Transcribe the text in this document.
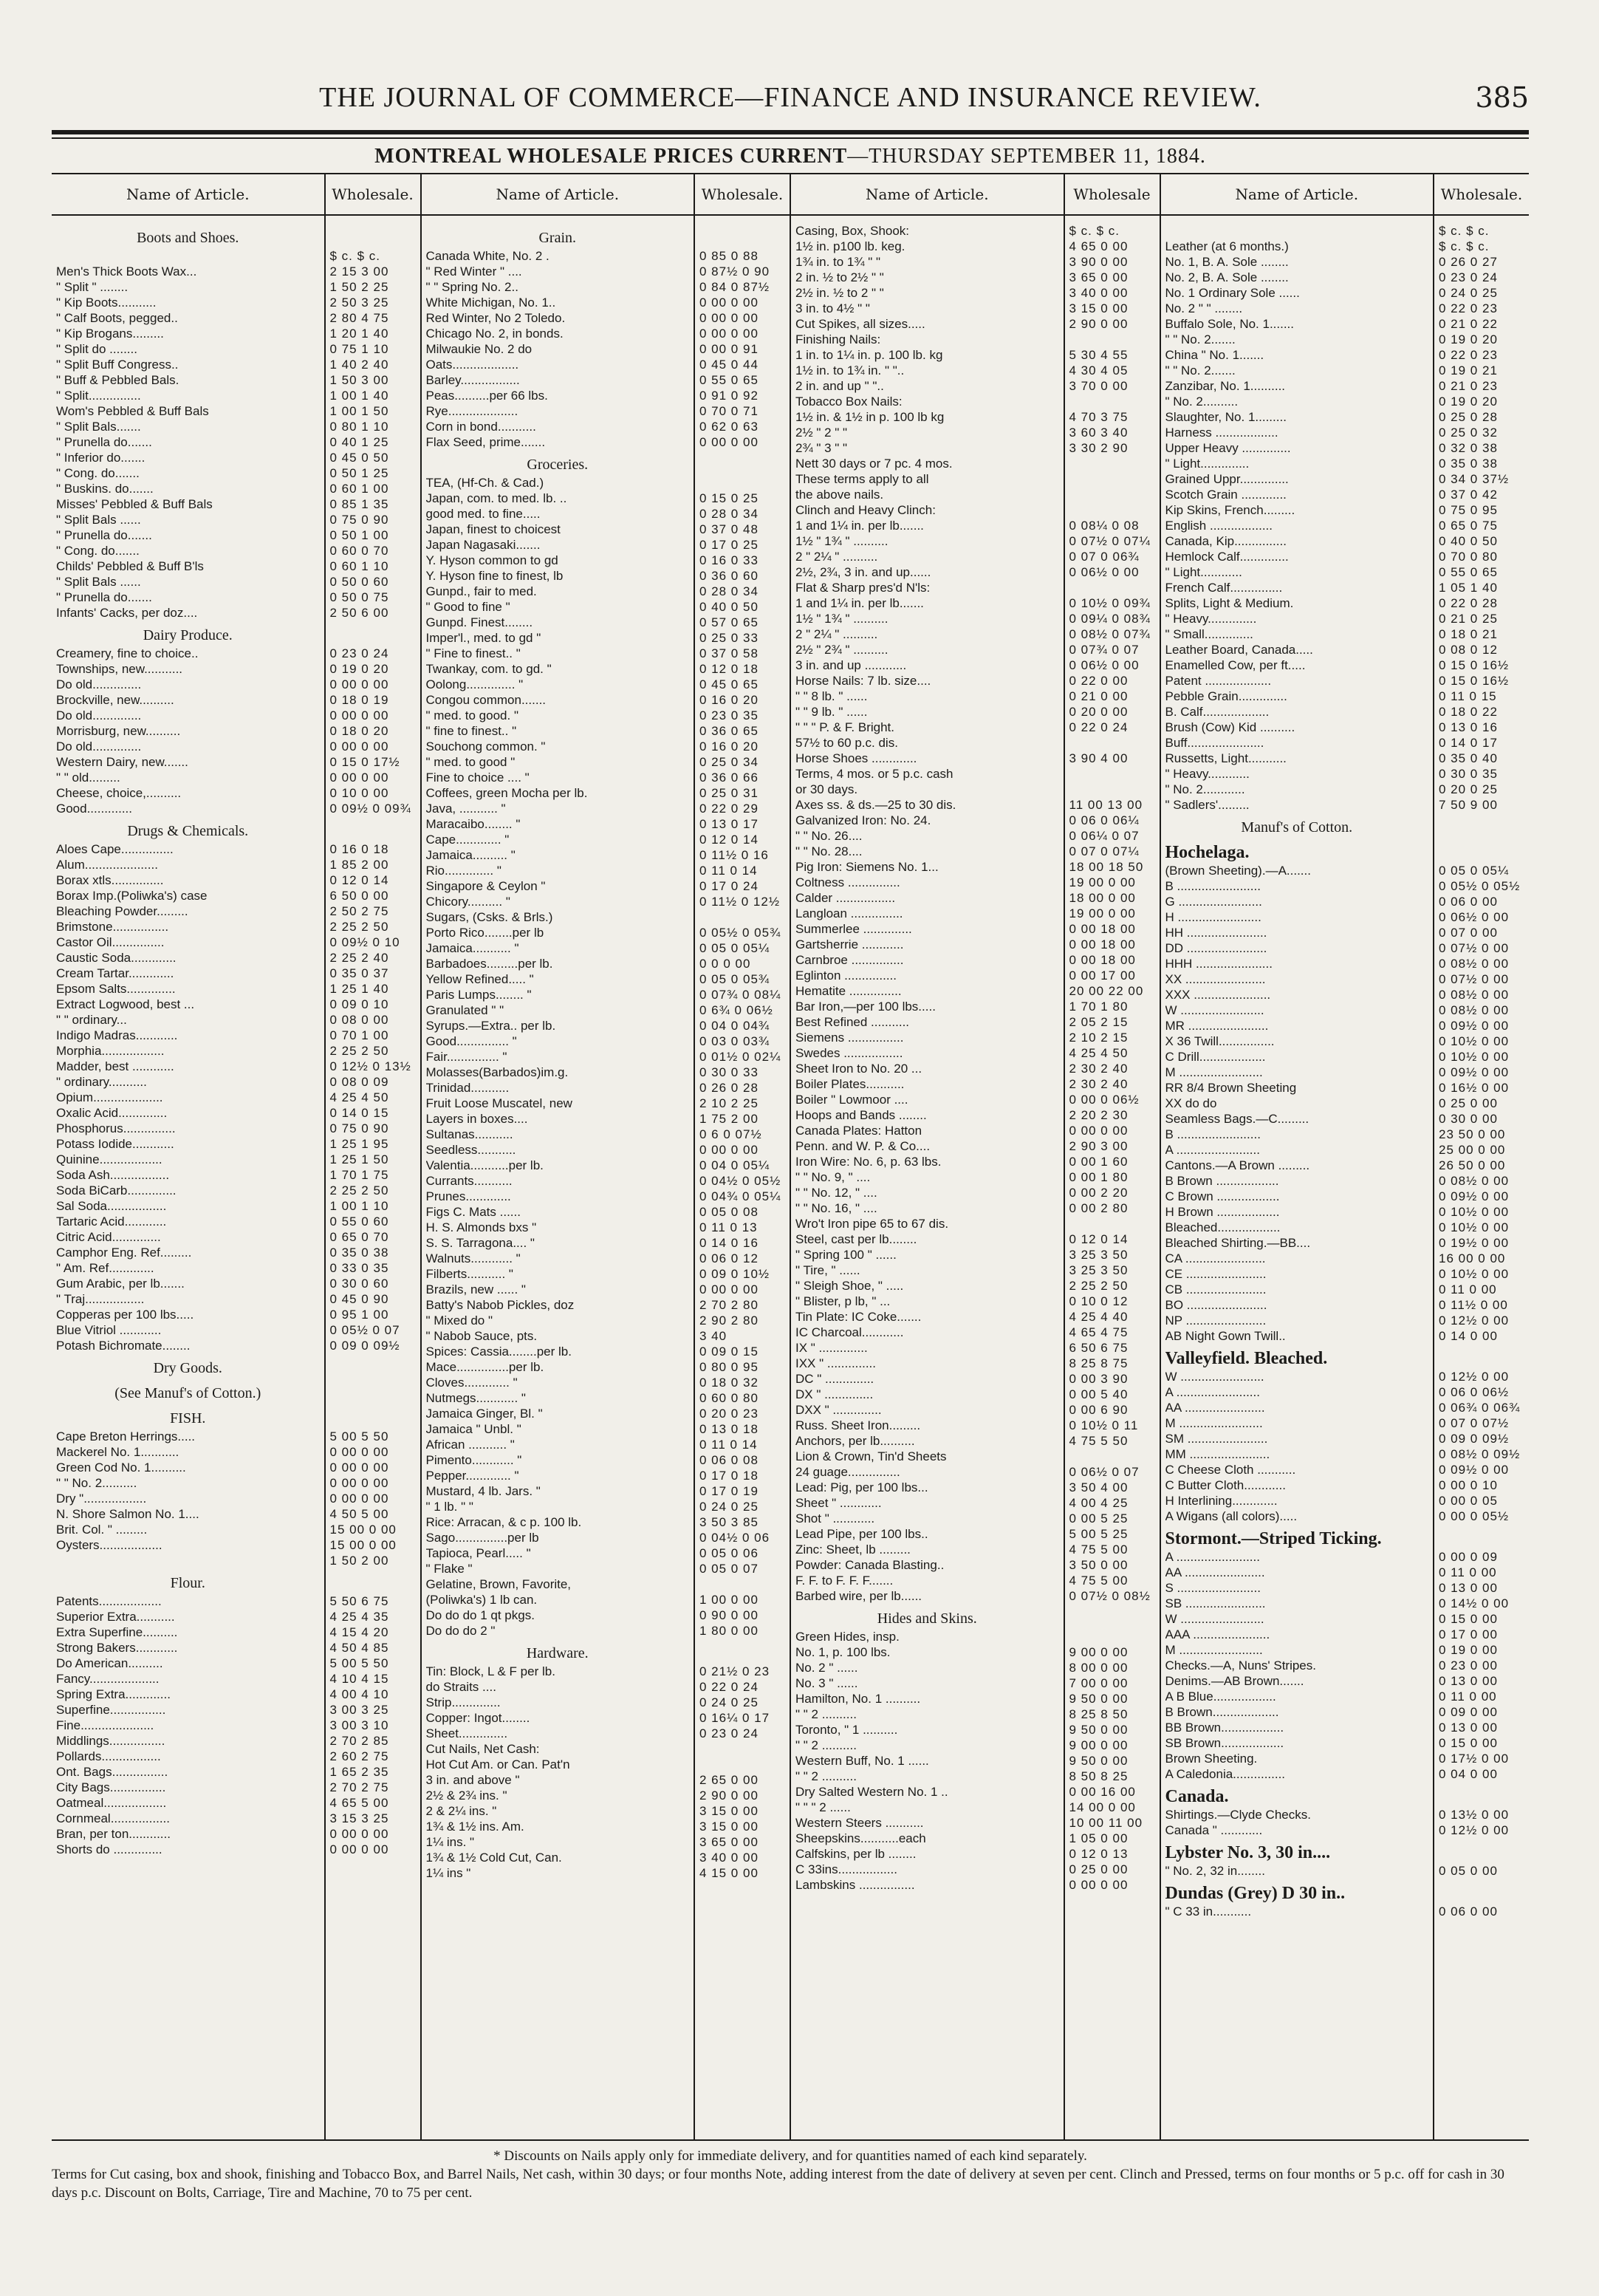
THE JOURNAL OF COMMERCE—FINANCE AND INSURANCE REVIEW.	385
MONTREAL WHOLESALE PRICES CURRENT—THURSDAY SEPTEMBER 11, 1884.
Name of Article.
Boots and Shoes.
Men's Thick Boots Wax...
" Split " ........
" Kip Boots...........
" Calf Boots, pegged..
" Kip Brogans.........
" Split do ........
" Split Buff Congress..
" Buff & Pebbled Bals.
" Split...............
Wom's Pebbled & Buff Bals
" Split Bals.......
" Prunella do.......
" Inferior do.......
" Cong. do.......
" Buskins. do.......
Misses' Pebbled & Buff Bals
" Split Bals ......
" Prunella do.......
" Cong. do.......
Childs' Pebbled & Buff B'ls
" Split Bals ......
" Prunella do.......
Infants' Cacks, per doz....
Dairy Produce.
Creamery, fine to choice..
Townships, new...........
Do old..............
Brockville, new..........
Do old..............
Morrisburg, new..........
Do old..............
Western Dairy, new.......
" " old.........
Cheese, choice,..........
Good.............
Drugs & Chemicals.
Aloes Cape...............
Alum.....................
Borax xtls...............
Borax Imp.(Poliwka's) case
Bleaching Powder.........
Brimstone................
Castor Oil...............
Caustic Soda.............
Cream Tartar.............
Epsom Salts..............
Extract Logwood, best ...
" " ordinary...
Indigo Madras............
Morphia..................
Madder, best ............
" ordinary...........
Opium....................
Oxalic Acid..............
Phosphorus...............
Potass Iodide............
Quinine..................
Soda Ash.................
Soda BiCarb..............
Sal Soda.................
Tartaric Acid............
Citric Acid..............
Camphor Eng. Ref.........
" Am. Ref.............
Gum Arabic, per lb.......
" Traj.................
Copperas per 100 lbs.....
Blue Vitriol ............
Potash Bichromate........
Dry Goods.
(See Manuf's of Cotton.)
FISH.
Cape Breton Herrings.....
Mackerel No. 1...........
Green Cod No. 1..........
" " No. 2..........
Dry "..................
N. Shore Salmon No. 1....
Brit. Col. " .........
Oysters..................
Flour.
Patents..................
Superior Extra...........
Extra Superfine..........
Strong Bakers............
Do American..........
Fancy....................
Spring Extra.............
Superfine................
Fine.....................
Middlings................
Pollards.................
Ont. Bags................
City Bags................
Oatmeal..................
Cornmeal.................
Bran, per ton............
Shorts do ..............
Wholesale.
$ c. $ c.
2 15 3 00
1 50 2 25
2 50 3 25
2 80 4 75
1 20 1 40
0 75 1 10
1 40 2 40
1 50 3 00
1 00 1 40
1 00 1 50
0 80 1 10
0 40 1 25
0 45 0 50
0 50 1 25
0 60 1 00
0 85 1 35
0 75 0 90
0 50 1 00
0 60 0 70
0 60 1 10
0 50 0 60
0 50 0 75
2 50 6 00
0 23 0 24
0 19 0 20
0 00 0 00
0 18 0 19
0 00 0 00
0 18 0 20
0 00 0 00
0 15 0 17½
0 00 0 00
0 10 0 00
0 09½ 0 09¾
0 16 0 18
1 85 2 00
0 12 0 14
6 50 0 00
2 50 2 75
2 25 2 50
0 09½ 0 10
2 25 2 40
0 35 0 37
1 25 1 40
0 09 0 10
0 08 0 00
0 70 1 00
2 25 2 50
0 12½ 0 13½
0 08 0 09
4 25 4 50
0 14 0 15
0 75 0 90
1 25 1 95
1 25 1 50
1 70 1 75
2 25 2 50
1 00 1 10
0 55 0 60
0 65 0 70
0 35 0 38
0 33 0 35
0 30 0 60
0 45 0 90
0 95 1 00
0 05½ 0 07
0 09 0 09½
5 00 5 50
0 00 0 00
0 00 0 00
0 00 0 00
0 00 0 00
4 50 5 00
15 00 0 00
15 00 0 00
1 50 2 00
5 50 6 75
4 25 4 35
4 15 4 20
4 50 4 85
5 00 5 50
4 10 4 15
4 00 4 10
3 00 3 25
3 00 3 10
2 70 2 85
2 60 2 75
1 65 2 35
2 70 2 75
4 65 5 00
3 15 3 25
0 00 0 00
0 00 0 00
Name of Article.
Grain.
Canada White, No. 2 .
" Red Winter " ....
" " Spring No. 2..
White Michigan, No. 1..
Red Winter, No 2 Toledo.
Chicago No. 2, in bonds.
Milwaukie No. 2 do
Oats...................
Barley.................
Peas..........per 66 lbs.
Rye....................
Corn in bond...........
Flax Seed, prime.......
Groceries.
TEA, (Hf-Ch. & Cad.)
Japan, com. to med. lb. ..
good med. to fine.....
Japan, finest to choicest
Japan Nagasaki.......
Y. Hyson common to gd
Y. Hyson fine to finest, lb
Gunpd., fair to med.
" Good to fine "
Gunpd. Finest........
Imper'l., med. to gd "
" Fine to finest.. "
Twankay, com. to gd. "
Oolong.............. "
Congou common.......
" med. to good. "
" fine to finest.. "
Souchong common. "
" med. to good "
Fine to choice .... "
Coffees, green Mocha per lb.
Java, ........... "
Maracaibo........ "
Cape............. "
Jamaica.......... "
Rio.............. "
Singapore & Ceylon "
Chicory.......... "
Sugars, (Csks. & Brls.)
Porto Rico........per lb
Jamaica........... "
Barbadoes.........per lb.
Yellow Refined..... "
Paris Lumps........ "
Granulated " "
Syrups.—Extra.. per lb.
Good............... "
Fair............... "
Molasses(Barbados)im.g.
Trinidad...........
Fruit Loose Muscatel, new
Layers in boxes....
Sultanas...........
Seedless...........
Valentia...........per lb.
Currants...........
Prunes.............
Figs C. Mats ......
H. S. Almonds bxs "
S. S. Tarragona.... "
Walnuts............ "
Filberts........... "
Brazils, new ...... "
Batty's Nabob Pickles, doz
" Mixed do "
" Nabob Sauce, pts.
Spices: Cassia........per lb.
Mace...............per lb.
Cloves............. "
Nutmegs............ "
Jamaica Ginger, Bl. "
Jamaica " Unbl. "
African ........... "
Pimento............ "
Pepper............. "
Mustard, 4 lb. Jars. "
" 1 lb. " "
Rice: Arracan, & c p. 100 lb.
Sago...............per lb
Tapioca, Pearl..... "
" Flake "
Gelatine, Brown, Favorite,
(Poliwka's) 1 lb can.
Do do do 1 qt pkgs.
Do do do 2 "
Hardware.
Tin: Block, L & F per lb.
do Straits ....
Strip..............
Copper: Ingot........
Sheet..............
Cut Nails, Net Cash:
Hot Cut Am. or Can. Pat'n
3 in. and above "
2½ & 2¾ ins. "
2 & 2¼ ins. "
1¾ & 1½ ins. Am.
1¼ ins. "
1¾ & 1½ Cold Cut, Can.
1¼ ins "
Wholesale.
0 85 0 88
0 87½ 0 90
0 84 0 87½
0 00 0 00
0 00 0 00
0 00 0 00
0 00 0 91
0 45 0 44
0 55 0 65
0 91 0 92
0 70 0 71
0 62 0 63
0 00 0 00
0 15 0 25
0 28 0 34
0 37 0 48
0 17 0 25
0 16 0 33
0 36 0 60
0 28 0 34
0 40 0 50
0 57 0 65
0 25 0 33
0 37 0 58
0 12 0 18
0 45 0 65
0 16 0 20
0 23 0 35
0 36 0 65
0 16 0 20
0 25 0 34
0 36 0 66
0 25 0 31
0 22 0 29
0 13 0 17
0 12 0 14
0 11½ 0 16
0 11 0 14
0 17 0 24
0 11½ 0 12½
0 05½ 0 05¾
0 05 0 05¼
0 0 0 00
0 05 0 05¾
0 07¾ 0 08¼
0 6¾ 0 06½
0 04 0 04¾
0 03 0 03¾
0 01½ 0 02¼
0 30 0 33
0 26 0 28
2 10 2 25
1 75 2 00
0 6 0 07½
0 00 0 00
0 04 0 05¼
0 04½ 0 05½
0 04¾ 0 05¼
0 05 0 08
0 11 0 13
0 14 0 16
0 06 0 12
0 09 0 10½
0 00 0 00
2 70 2 80
2 90 2 80
3 40
0 09 0 15
0 80 0 95
0 18 0 32
0 60 0 80
0 20 0 23
0 13 0 18
0 11 0 14
0 06 0 08
0 17 0 18
0 17 0 19
0 24 0 25
3 50 3 85
0 04½ 0 06
0 05 0 06
0 05 0 07
1 00 0 00
0 90 0 00
1 80 0 00
0 21½ 0 23
0 22 0 24
0 24 0 25
0 16¼ 0 17
0 23 0 24
2 65 0 00
2 90 0 00
3 15 0 00
3 15 0 00
3 65 0 00
3 40 0 00
4 15 0 00
Name of Article.
Casing, Box, Shook:
1½ in. p100 lb. keg.
1¾ in. to 1¾ " "
2 in. ½ to 2½ " "
2½ in. ½ to 2 " "
3 in. to 4½ " "
Cut Spikes, all sizes.....
Finishing Nails:
1 in. to 1¼ in. p. 100 lb. kg
1½ in. to 1¾ in. " "..
2 in. and up " "..
Tobacco Box Nails:
1½ in. & 1½ in p. 100 lb kg
2½ " 2 " "
2¾ " 3 " "
Nett 30 days or 7 pc. 4 mos.
These terms apply to all
the above nails.
Clinch and Heavy Clinch:
1 and 1¼ in. per lb.......
1½ " 1¾ " ..........
2 " 2¼ " ..........
2½, 2¾, 3 in. and up......
Flat & Sharp pres'd N'ls:
1 and 1¼ in. per lb.......
1½ " 1¾ " ..........
2 " 2¼ " ..........
2½ " 2¾ " ..........
3 in. and up ............
Horse Nails: 7 lb. size....
" " 8 lb. " ......
" " 9 lb. " ......
" " " P. & F. Bright.
57½ to 60 p.c. dis.
Horse Shoes .............
Terms, 4 mos. or 5 p.c. cash
or 30 days.
Axes ss. & ds.—25 to 30 dis.
Galvanized Iron: No. 24.
" " No. 26....
" " No. 28....
Pig Iron: Siemens No. 1...
Coltness ...............
Calder .................
Langloan ...............
Summerlee ..............
Gartsherrie ............
Carnbroe ...............
Eglinton ...............
Hematite ...............
Bar Iron,—per 100 lbs.....
Best Refined ...........
Siemens ................
Swedes .................
Sheet Iron to No. 20 ...
Boiler Plates...........
Boiler " Lowmoor ....
Hoops and Bands ........
Canada Plates: Hatton
Penn. and W. P. & Co....
Iron Wire: No. 6, p. 63 lbs.
" " No. 9, " ....
" " No. 12, " ....
" " No. 16, " ....
Wro't Iron pipe 65 to 67 dis.
Steel, cast per lb........
" Spring 100 " ......
" Tire, " ......
" Sleigh Shoe, " .....
" Blister, p lb, " ...
Tin Plate: IC Coke.......
IC Charcoal............
IX " ..............
IXX " ..............
DC " ..............
DX " ..............
DXX " ..............
Russ. Sheet Iron.........
Anchors, per lb..........
Lion & Crown, Tin'd Sheets
24 guage...............
Lead: Pig, per 100 lbs...
Sheet " ............
Shot " ............
Lead Pipe, per 100 lbs..
Zinc: Sheet, lb .........
Powder: Canada Blasting..
F. F. to F. F. F.......
Barbed wire, per lb......
Hides and Skins.
Green Hides, insp.
No. 1, p. 100 lbs.
No. 2 " ......
No. 3 " ......
Hamilton, No. 1 ..........
" " 2 ..........
Toronto, " 1 ..........
" " 2 ..........
Western Buff, No. 1 ......
" " 2 ..........
Dry Salted Western No. 1 ..
" " " 2 ......
Western Steers ...........
Sheepskins...........each
Calfskins, per lb ........
C 33ins.................
Lambskins ................
Wholesale
$ c. $ c.
4 65 0 00
3 90 0 00
3 65 0 00
3 40 0 00
3 15 0 00
2 90 0 00
5 30 4 55
4 30 4 05
3 70 0 00
4 70 3 75
3 60 3 40
3 30 2 90
0 08¼ 0 08
0 07½ 0 07¼
0 07 0 06¾
0 06½ 0 00
0 10½ 0 09¾
0 09¼ 0 08¾
0 08½ 0 07¾
0 07¾ 0 07
0 06½ 0 00
0 22 0 00
0 21 0 00
0 20 0 00
0 22 0 24
3 90 4 00
11 00 13 00
0 06 0 06¼
0 06¼ 0 07
0 07 0 07¼
18 00 18 50
19 00 0 00
18 00 0 00
19 00 0 00
0 00 18 00
0 00 18 00
0 00 18 00
0 00 17 00
20 00 22 00
1 70 1 80
2 05 2 15
2 10 2 15
4 25 4 50
2 30 2 40
2 30 2 40
0 00 0 06½
2 20 2 30
0 00 0 00
2 90 3 00
0 00 1 60
0 00 1 80
0 00 2 20
0 00 2 80
0 12 0 14
3 25 3 50
3 25 3 50
2 25 2 50
0 10 0 12
4 25 4 40
4 65 4 75
6 50 6 75
8 25 8 75
0 00 3 90
0 00 5 40
0 00 6 90
0 10½ 0 11
4 75 5 50
0 06½ 0 07
3 50 4 00
4 00 4 25
0 00 5 25
5 00 5 25
4 75 5 00
3 50 0 00
4 75 5 00
0 07½ 0 08½
9 00 0 00
8 00 0 00
7 00 0 00
9 50 0 00
8 25 8 50
9 50 0 00
9 00 0 00
9 50 0 00
8 50 8 25
0 00 16 00
14 00 0 00
10 00 11 00
1 05 0 00
0 12 0 13
0 25 0 00
0 00 0 00
Name of Article.
Leather (at 6 months.)
No. 1, B. A. Sole ........
No. 2, B. A. Sole ........
No. 1 Ordinary Sole ......
No. 2 " " ........
Buffalo Sole, No. 1.......
" " No. 2.......
China " No. 1.......
" " No. 2.......
Zanzibar, No. 1..........
" No. 2..........
Slaughter, No. 1.........
Harness ..................
Upper Heavy ..............
" Light..............
Grained Uppr..............
Scotch Grain .............
Kip Skins, French.........
English ..................
Canada, Kip...............
Hemlock Calf..............
" Light............
French Calf...............
Splits, Light & Medium.
" Heavy..............
" Small..............
Leather Board, Canada.....
Enamelled Cow, per ft.....
Patent ...................
Pebble Grain..............
B. Calf...................
Brush (Cow) Kid ..........
Buff......................
Russetts, Light...........
" Heavy............
" No. 2............
" Sadlers'.........
Manuf's of Cotton.
Hochelaga.
(Brown Sheeting).—A.......
B ........................
G ........................
H ........................
HH .......................
DD .......................
HHH ......................
XX .......................
XXX ......................
W ........................
MR .......................
X 36 Twill................
C Drill...................
M ........................
RR 8/4 Brown Sheeting
XX do do
Seamless Bags.—C.........
B ........................
A ........................
Cantons.—A Brown .........
B Brown ..................
C Brown ..................
H Brown ..................
Bleached..................
Bleached Shirting.—BB....
CA .......................
CE .......................
CB .......................
BO .......................
NP .......................
AB Night Gown Twill..
Valleyfield. Bleached.
W ........................
A ........................
AA .......................
M ........................
SM .......................
MM .......................
C Cheese Cloth ...........
C Butter Cloth............
H Interlining.............
A Wigans (all colors).....
Stormont.—Striped Ticking.
A ........................
AA .......................
S ........................
SB .......................
W ........................
AAA ......................
M ........................
Checks.—A, Nuns' Stripes.
Denims.—AB Brown.......
A B Blue..................
B Brown...................
BB Brown..................
SB Brown..................
Brown Sheeting.
A Caledonia...............
Canada.
Shirtings.—Clyde Checks.
Canada " ............
Lybster No. 3, 30 in....
" No. 2, 32 in........
Dundas (Grey) D 30 in..
" C 33 in...........
Wholesale.
$ c. $ c.
$ c. $ c.
0 26 0 27
0 23 0 24
0 24 0 25
0 22 0 23
0 21 0 22
0 19 0 20
0 22 0 23
0 19 0 21
0 21 0 23
0 19 0 20
0 25 0 28
0 25 0 32
0 32 0 38
0 35 0 38
0 34 0 37½
0 37 0 42
0 75 0 95
0 65 0 75
0 40 0 50
0 70 0 80
0 55 0 65
1 05 1 40
0 22 0 28
0 21 0 25
0 18 0 21
0 08 0 12
0 15 0 16½
0 15 0 16½
0 11 0 15
0 18 0 22
0 13 0 16
0 14 0 17
0 35 0 40
0 30 0 35
0 20 0 25
7 50 9 00
0 05 0 05¼
0 05½ 0 05½
0 06 0 00
0 06½ 0 00
0 07 0 00
0 07½ 0 00
0 08½ 0 00
0 07½ 0 00
0 08½ 0 00
0 08½ 0 00
0 09½ 0 00
0 10½ 0 00
0 10½ 0 00
0 09½ 0 00
0 16½ 0 00
0 25 0 00
0 30 0 00
23 50 0 00
25 00 0 00
26 50 0 00
0 08½ 0 00
0 09½ 0 00
0 10½ 0 00
0 10½ 0 00
0 19½ 0 00
16 00 0 00
0 10½ 0 00
0 11 0 00
0 11½ 0 00
0 12½ 0 00
0 14 0 00
0 12½ 0 00
0 06 0 06½
0 06¾ 0 06¾
0 07 0 07½
0 09 0 09½
0 08½ 0 09½
0 09½ 0 00
0 00 0 10
0 00 0 05
0 00 0 05½
0 00 0 09
0 11 0 00
0 13 0 00
0 14½ 0 00
0 15 0 00
0 17 0 00
0 19 0 00
0 23 0 00
0 13 0 00
0 11 0 00
0 09 0 00
0 13 0 00
0 15 0 00
0 17½ 0 00
0 04 0 00
0 13½ 0 00
0 12½ 0 00
0 05 0 00
0 06 0 00
* Discounts on Nails apply only for immediate delivery, and for quantities named of each kind separately.
Terms for Cut casing, box and shook, finishing and Tobacco Box, and Barrel Nails, Net cash, within 30 days; or four months Note, adding interest from the date of delivery at seven per cent. Clinch and Pressed, terms on four months or 5 p.c. off for cash in 30 days p.c. Discount on Bolts, Carriage, Tire and Machine, 70 to 75 per cent.
